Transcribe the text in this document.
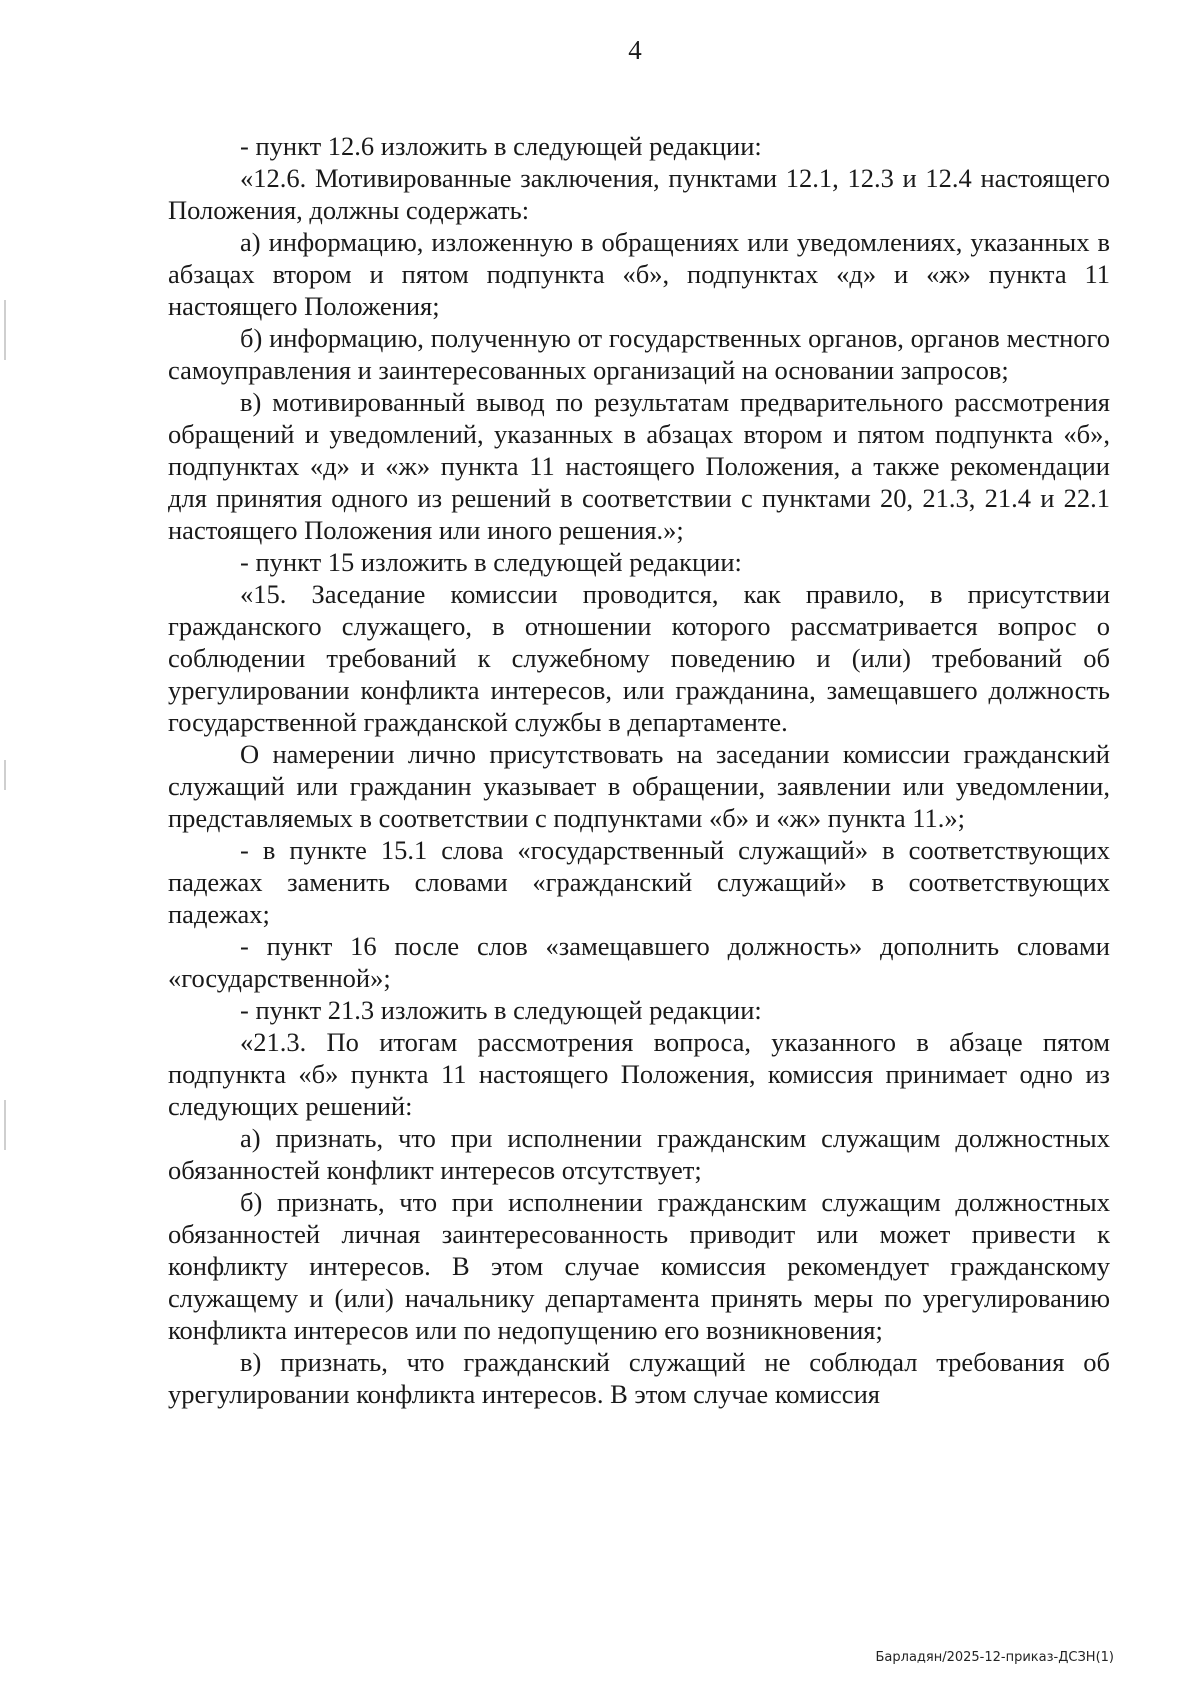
4

- пункт 12.6 изложить в следующей редакции:

«12.6. Мотивированные заключения, пунктами 12.1, 12.3 и 12.4 настоящего Положения, должны содержать:

а) информацию, изложенную в обращениях или уведомлениях, указанных в абзацах втором и пятом подпункта «б», подпунктах «д» и «ж» пункта 11 настоящего Положения;

б) информацию, полученную от государственных органов, органов местного самоуправления и заинтересованных организаций на основании запросов;

в) мотивированный вывод по результатам предварительного рассмотрения обращений и уведомлений, указанных в абзацах втором и пятом подпункта «б», подпунктах «д» и «ж» пункта 11 настоящего Положения, а также рекомендации для принятия одного из решений в соответствии с пунктами 20, 21.3, 21.4 и 22.1 настоящего Положения или иного решения.»;

- пункт 15 изложить в следующей редакции:

«15. Заседание комиссии проводится, как правило, в присутствии гражданского служащего, в отношении которого рассматривается вопрос о соблюдении требований к служебному поведению и (или) требований об урегулировании конфликта интересов, или гражданина, замещавшего должность государственной гражданской службы в департаменте.

О намерении лично присутствовать на заседании комиссии гражданский служащий или гражданин указывает в обращении, заявлении или уведомлении, представляемых в соответствии с подпунктами «б» и «ж» пункта 11.»;

- в пункте 15.1 слова «государственный служащий» в соответствующих падежах заменить словами «гражданский служащий» в соответствующих падежах;

- пункт 16 после слов «замещавшего должность» дополнить словами «государственной»;

- пункт 21.3 изложить в следующей редакции:

«21.3. По итогам рассмотрения вопроса, указанного в абзаце пятом подпункта «б» пункта 11 настоящего Положения, комиссия принимает одно из следующих решений:

а) признать, что при исполнении гражданским служащим должностных обязанностей конфликт интересов отсутствует;

б) признать, что при исполнении гражданским служащим должностных обязанностей личная заинтересованность приводит или может привести к конфликту интересов. В этом случае комиссия рекомендует гражданскому служащему и (или) начальнику департамента принять меры по урегулированию конфликта интересов или по недопущению его возникновения;

в) признать, что гражданский служащий не соблюдал требования об урегулировании конфликта интересов. В этом случае комиссия

Барладян/2025-12-приказ-ДСЗН(1)
